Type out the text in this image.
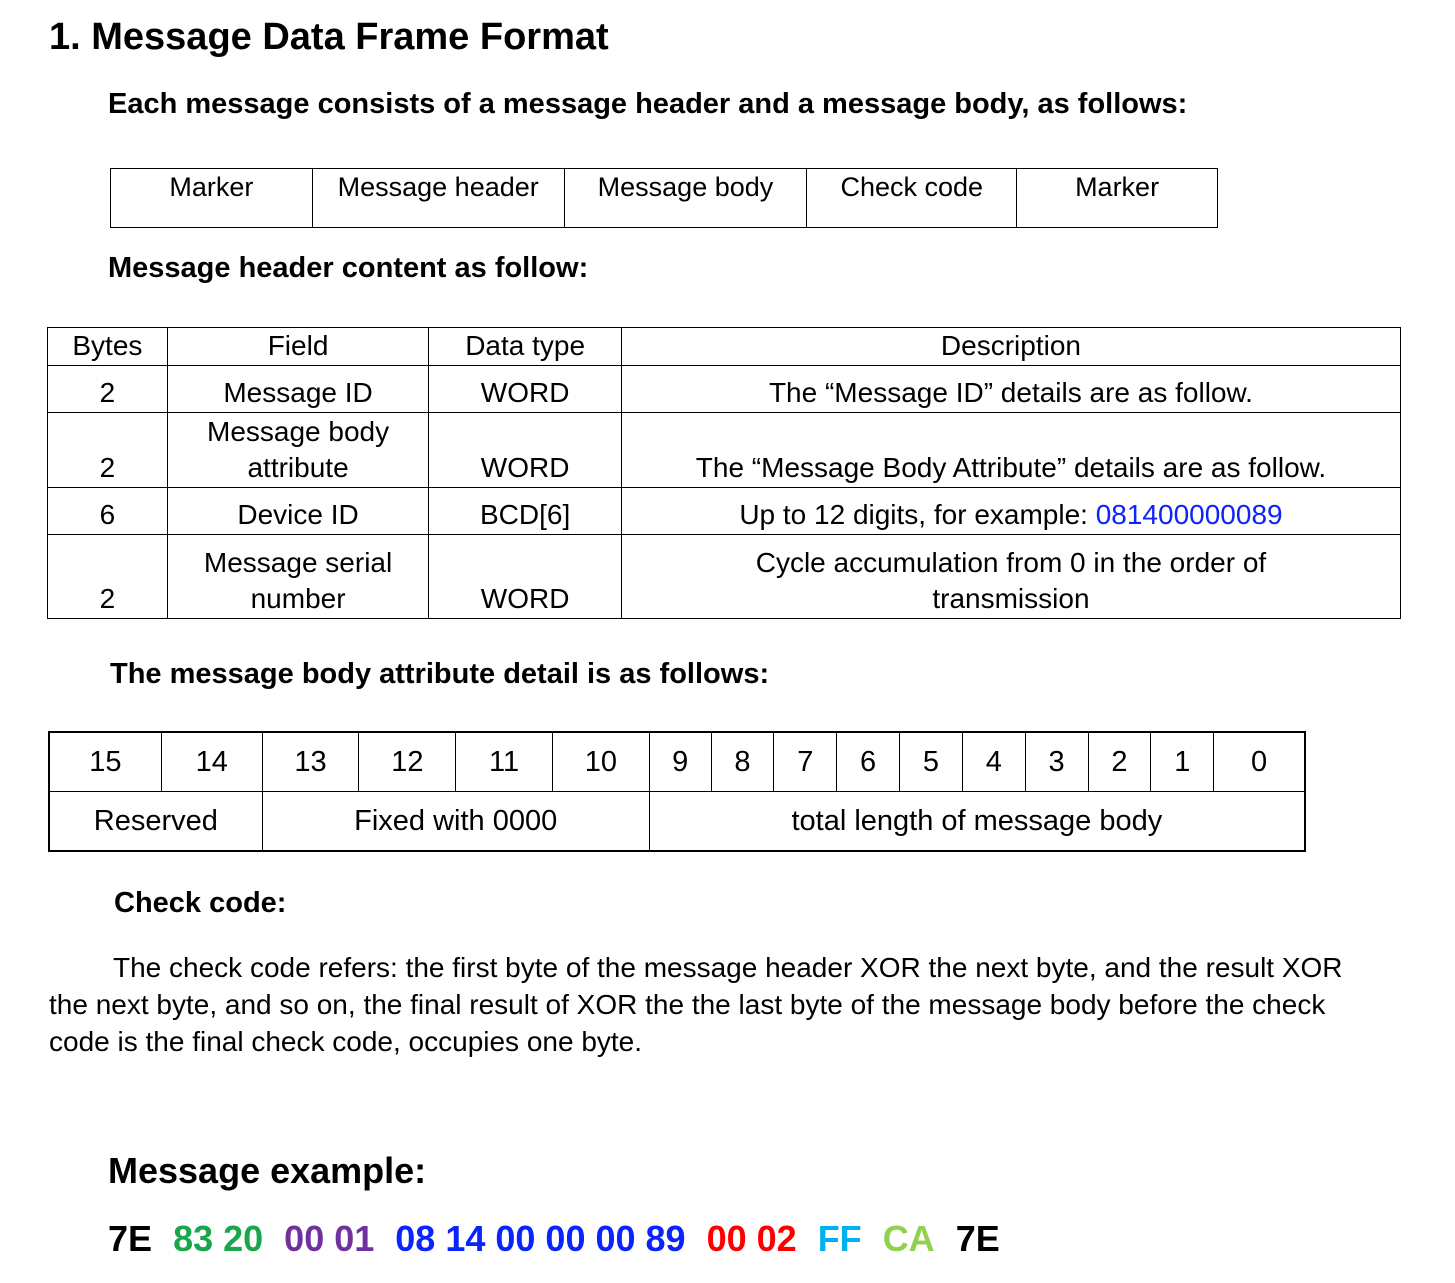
1. Message Data Frame Format
Each message consists of a message header and a message body, as follows:
Marker	Message header	Message body	Check code	Marker
Message header content as follow:
Bytes	Field	Data type	Description
2	Message ID	WORD	The “Message ID” details are as follow.
2	Message body attribute	WORD	The “Message Body Attribute” details are as follow.
6	Device ID	BCD[6]	Up to 12 digits, for example: 081400000089
2	Message serial number	WORD	Cycle accumulation from 0 in the order of transmission
The message body attribute detail is as follows:
15	14	13	12	11	10	9	8	7	6	5	4	3	2	1	0
Reserved		Fixed with 0000				total length of message body									
Check code:
The check code refers: the first byte of the message header XOR the next byte, and the result XOR the next byte, and so on, the final result of XOR the the last byte of the message body before the check code is the final check code, occupies one byte.
Message example:
7E 83 20 00 01 08 14 00 00 00 89 00 02 FF CA 7E
